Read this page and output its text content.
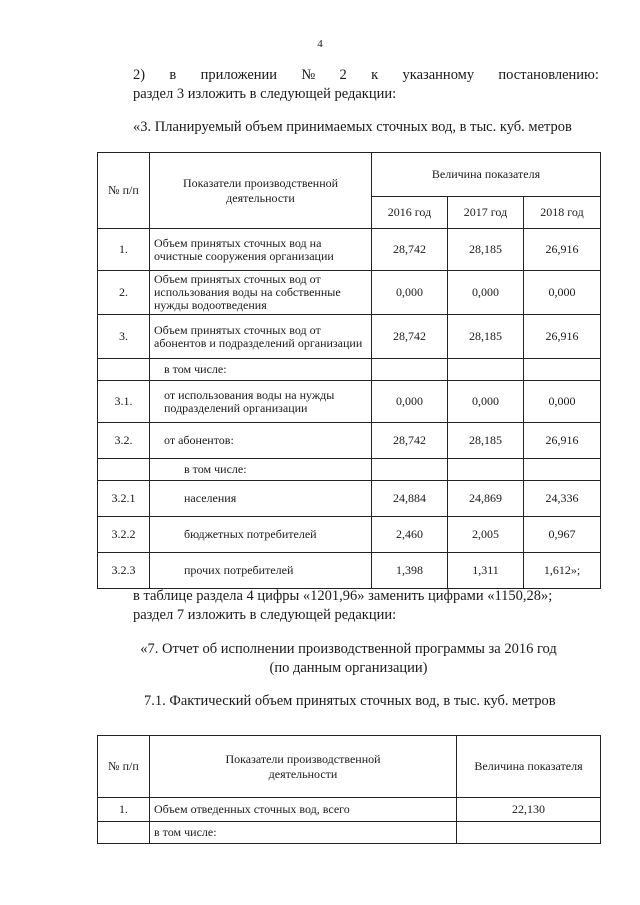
4
2) в приложении № 2 к указанному постановлению:
раздел 3 изложить в следующей редакции:
«3. Планируемый объем принимаемых сточных вод, в тыс. куб. метров
№ п/п	Показатели производственной деятельности	Величина показателя		
		2016 год	2017 год	2018 год
1.	Объем принятых сточных вод на очистные сооружения организации	28,742	28,185	26,916
2.	Объем принятых сточных вод от использования воды на собственные нужды водоотведения	0,000	0,000	0,000
3.	Объем принятых сточных вод от абонентов и подразделений организации	28,742	28,185	26,916
	в том числе:			
3.1.	от использования воды на нужды подразделений организации	0,000	0,000	0,000
3.2.	от абонентов:	28,742	28,185	26,916
	в том числе:			
3.2.1	населения	24,884	24,869	24,336
3.2.2	бюджетных потребителей	2,460	2,005	0,967
3.2.3	прочих потребителей	1,398	1,311	1,612»;
в таблице раздела 4 цифры «1201,96» заменить цифрами «1150,28»;
раздел 7 изложить в следующей редакции:
«7. Отчет об исполнении производственной программы за 2016 год
(по данным организации)
7.1. Фактический объем принятых сточных вод, в тыс. куб. метров
№ п/п	Показатели производственной деятельности	Величина показателя
1.	Объем отведенных сточных вод, всего	22,130
	в том числе:	
